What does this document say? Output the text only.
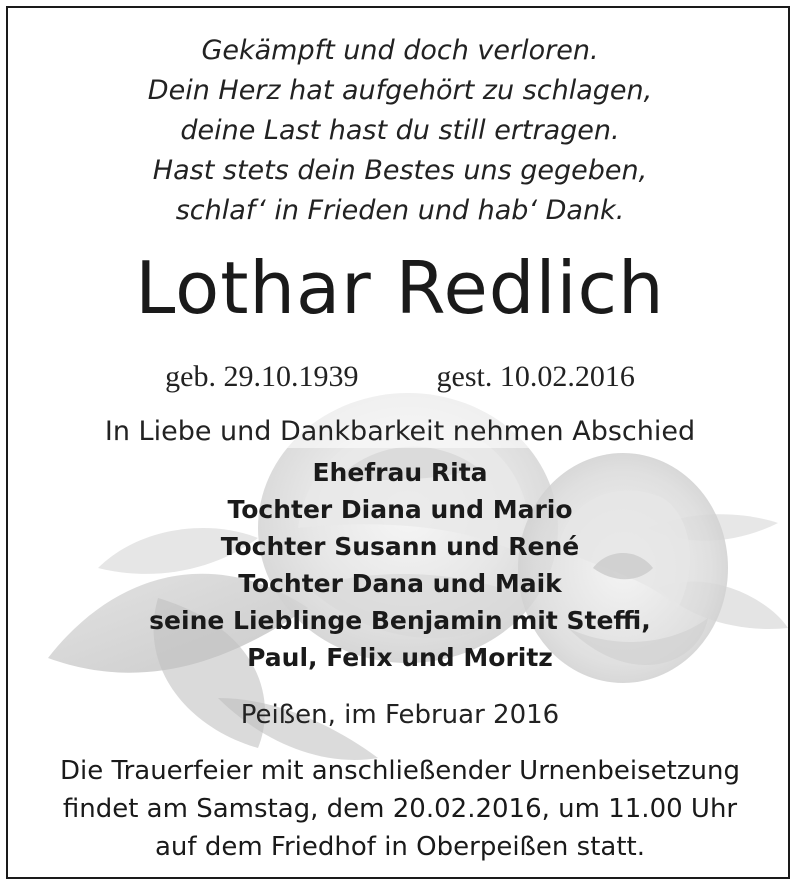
Gekämpft und doch verloren.

Dein Herz hat aufgehört zu schlagen,

deine Last hast du still ertragen.

Hast stets dein Bestes uns gegeben,

schlaf‘ in Frieden und hab‘ Dank.

Lothar Redlich

geb. 29.10.1939	gest. 10.02.2016

In Liebe und Dankbarkeit nehmen Abschied

Ehefrau Rita

Tochter Diana und Mario

Tochter Susann und René

Tochter Dana und Maik

seine Lieblinge Benjamin mit Steffi,

Paul, Felix und Moritz

Peißen, im Februar 2016

Die Trauerfeier mit anschließender Urnenbeisetzung

findet am Samstag, dem 20.02.2016, um 11.00 Uhr

auf dem Friedhof in Oberpeißen statt.
